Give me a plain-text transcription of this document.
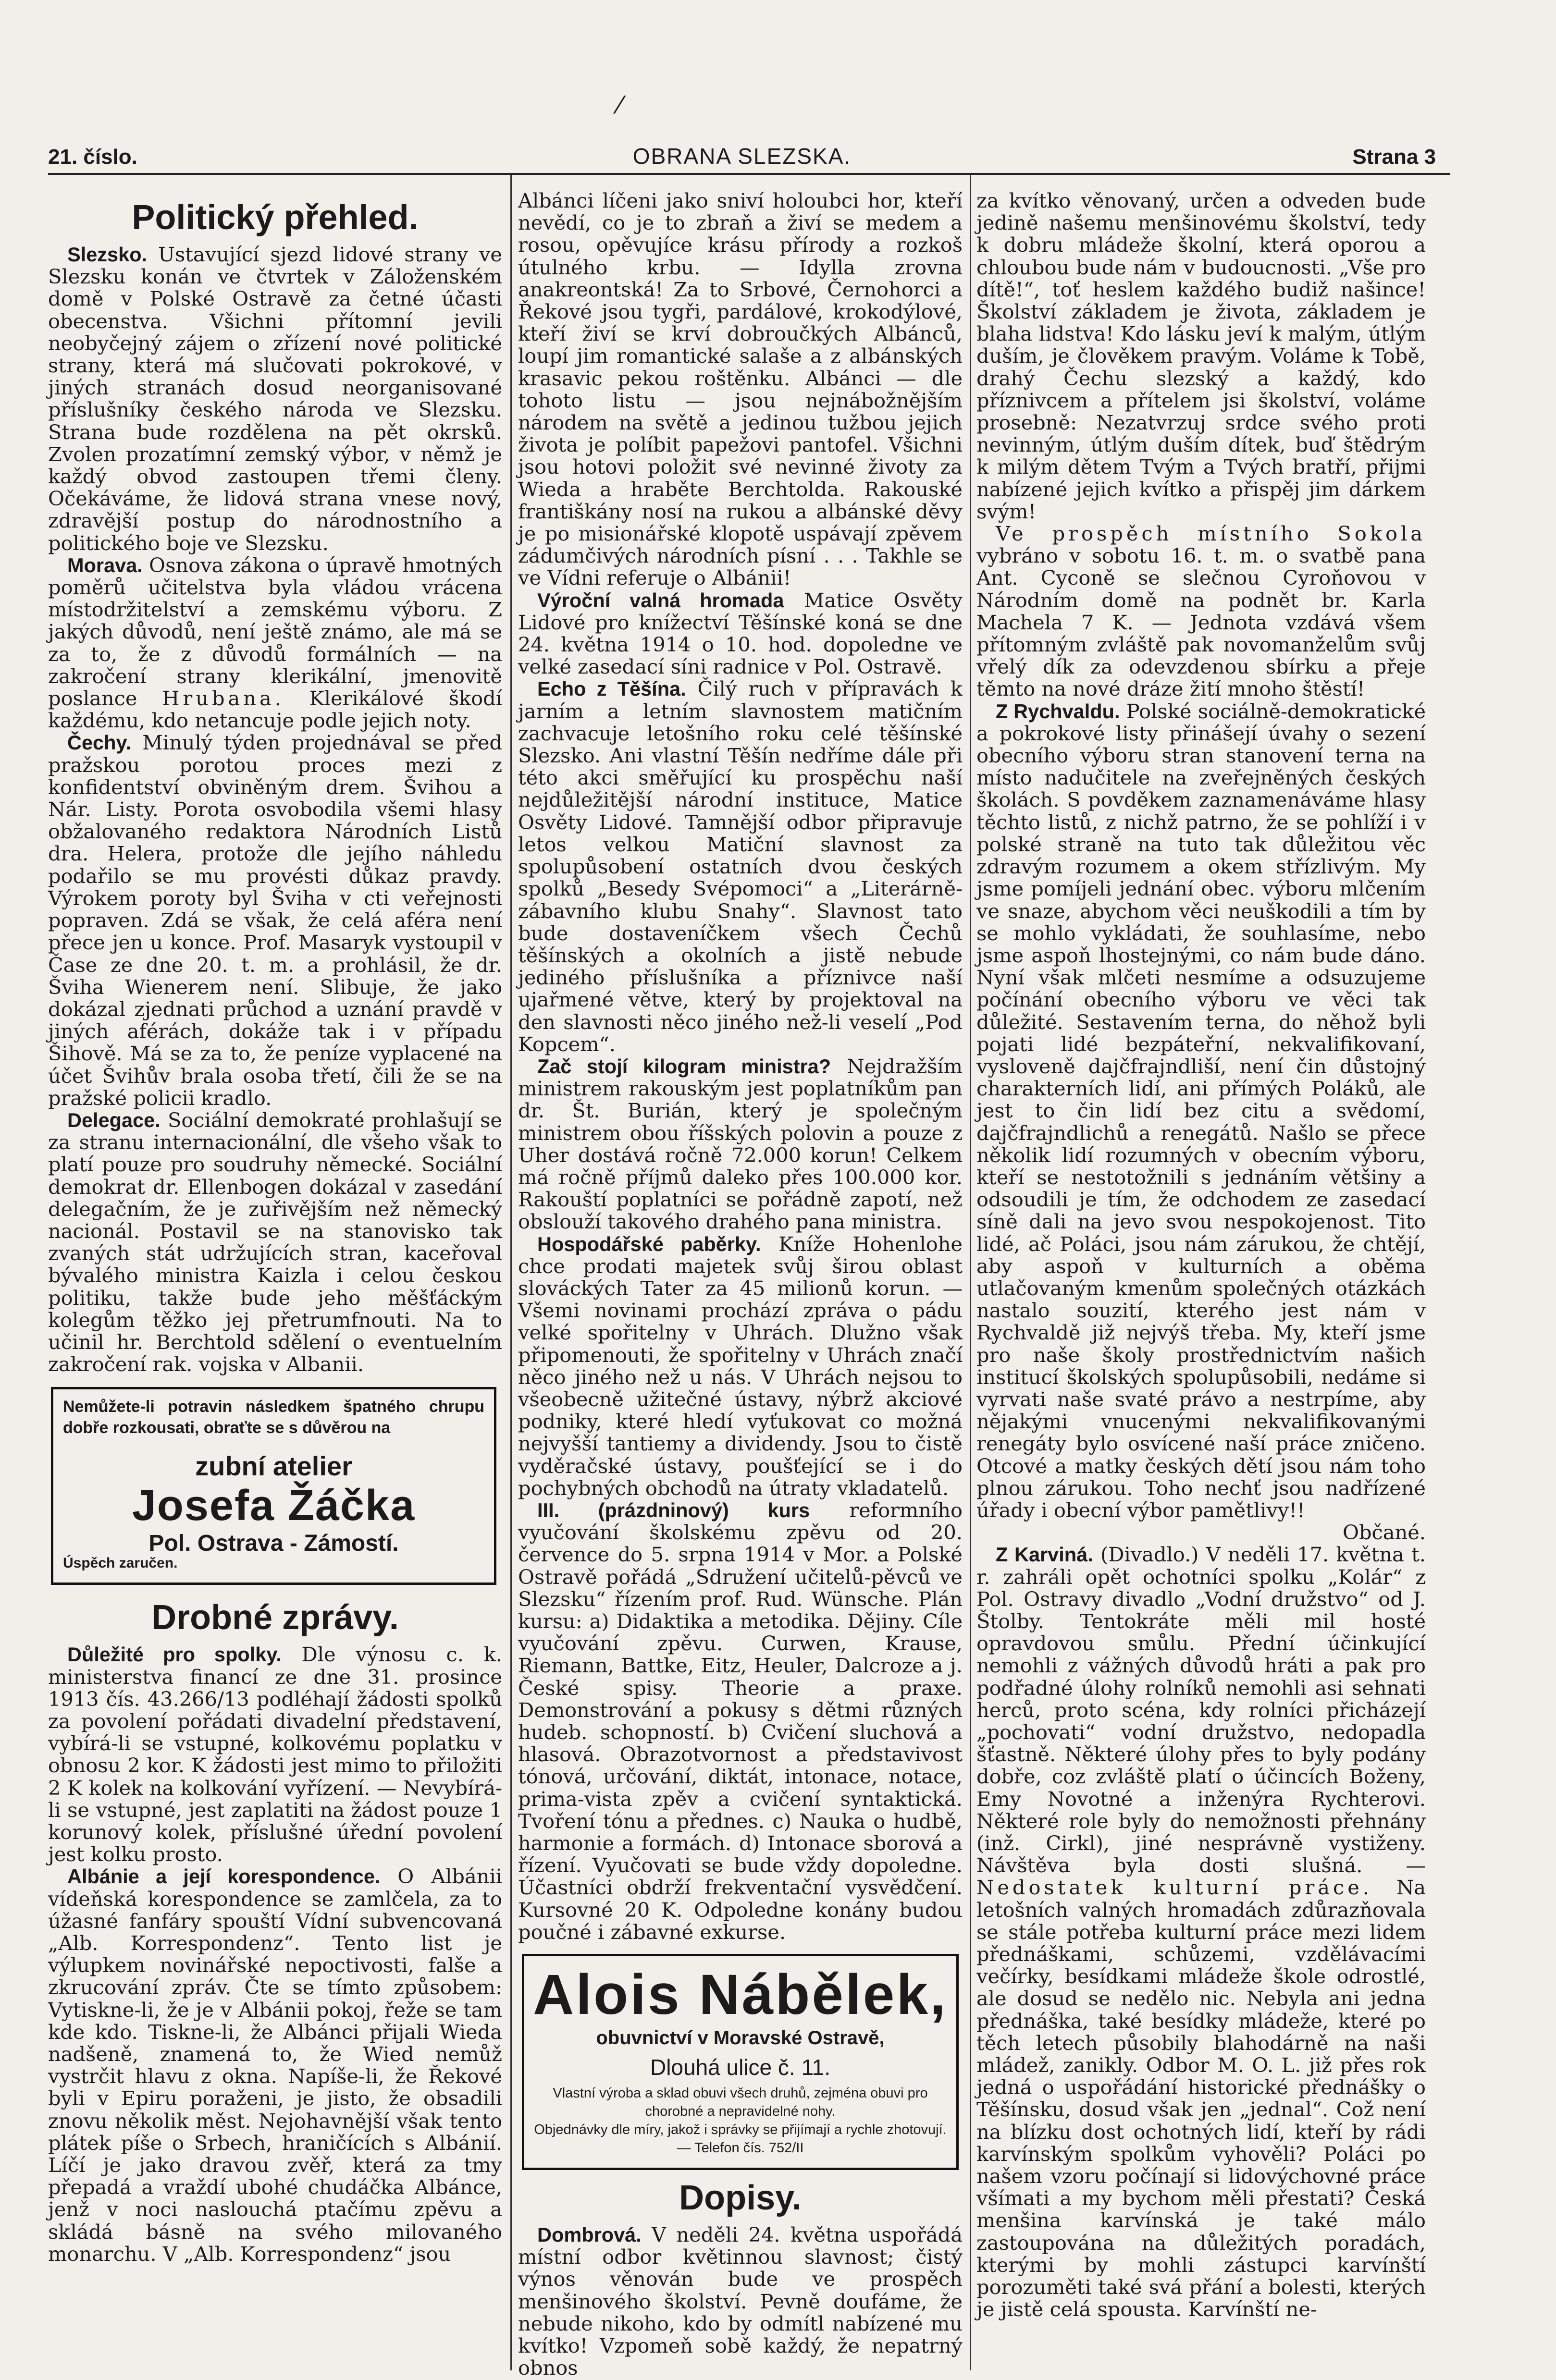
⁄
21. číslo.	OBRANA SLEZSKA.	Strana 3
Politický přehled.

Slezsko. Ustavující sjezd lidové strany ve Slezsku konán ve čtvrtek v Záloženském domě v Polské Ostravě za četné účasti obecenstva. Všichni přítomní jevili neobyčejný zájem o zřízení nové politické strany, která má slučovati pokrokové, v jiných stranách dosud neorganisované příslušníky českého národa ve Slezsku. Strana bude rozdělena na pět okrsků. Zvolen prozatímní zemský výbor, v němž je každý obvod zastoupen třemi členy. Očekáváme, že lidová strana vnese nový, zdravější postup do národnostního a politického boje ve Slezsku.

Morava. Osnova zákona o úpravě hmotných poměrů učitelstva byla vládou vrácena místodržitelství a zemskému výboru. Z jakých důvodů, není ještě známo, ale má se za to, že z důvodů formálních — na zakročení strany klerikální, jmenovitě poslance Hrubana. Klerikálové škodí každému, kdo netancuje podle jejich noty.

Čechy. Minulý týden projednával se před pražskou porotou proces mezi z konfidentství obviněným drem. Švihou a Nár. Listy. Porota osvobodila všemi hlasy obžalovaného redaktora Národních Listů dra. Helera, protože dle jejího náhledu podařilo se mu provésti důkaz pravdy. Výrokem poroty byl Šviha v cti veřejnosti popraven. Zdá se však, že celá aféra není přece jen u konce. Prof. Masaryk vystoupil v Čase ze dne 20. t. m. a prohlásil, že dr. Šviha Wienerem není. Slibuje, že jako dokázal zjednati průchod a uznání pravdě v jiných aférách, dokáže tak i v případu Šihově. Má se za to, že peníze vyplacené na účet Švihův brala osoba třetí, čili že se na pražské policii kradlo.

Delegace. Sociální demokraté prohlašují se za stranu internacionální, dle všeho však to platí pouze pro soudruhy německé. Sociální demokrat dr. Ellenbogen dokázal v zasedání delegačním, že je zuřivějším než německý nacionál. Postavil se na stanovisko tak zvaných stát udržujících stran, kaceřoval bývalého ministra Kaizla i celou českou politiku, takže bude jeho měšťáckým kolegům těžko jej přetrumfnouti. Na to učinil hr. Berchtold sdělení o eventuelním zakročení rak. vojska v Albanii.

Nemůžete-li potravin následkem špatného chrupu dobře rozkousati, obraťte se s důvěrou na
zubní atelier
Josefa Žáčka
Pol. Ostrava - Zámostí.
Úspěch zaručen.
Drobné zprávy.

Důležité pro spolky. Dle výnosu c. k. ministerstva financí ze dne 31. prosince 1913 čís. 43.266/13 podléhají žádosti spolků za povolení pořádati divadelní představení, vybírá-li se vstupné, kolkovému poplatku v obnosu 2 kor. K žádosti jest mimo to přiložiti 2 K kolek na kolkování vyřízení. — Nevybírá-li se vstupné, jest zaplatiti na žádost pouze 1 korunový kolek, příslušné úřední povolení jest kolku prosto.

Albánie a její korespondence. O Albánii vídeňská korespondence se zamlčela, za to úžasné fanfáry spouští Vídní subvencovaná „Alb. Korrespondenz“. Tento list je výlupkem novinářské nepoctivosti, falše a zkrucování zpráv. Čte se tímto způsobem: Vytiskne-li, že je v Albánii pokoj, řeže se tam kde kdo. Tiskne-li, že Albánci přijali Wieda nadšeně, znamená to, že Wied nemůž vystrčit hlavu z okna. Napíše-li, že Řekové byli v Epiru poraženi, je jisto, že obsadili znovu několik měst. Nejohavnější však tento plátek píše o Srbech, hraničících s Albánií. Líčí je jako dravou zvěř, která za tmy přepadá a vraždí ubohé chudáčka Albánce, jenž v noci naslouchá ptačímu zpěvu a skládá básně na svého milovaného monarchu. V „Alb. Korrespondenz“ jsou

Albánci líčeni jako sniví holoubci hor, kteří nevědí, co je to zbraň a živí se medem a rosou, opěvujíce krásu přírody a rozkoš útulného krbu. — Idylla zrovna anakreontská! Za to Srbové, Černohorci a Řekové jsou tygři, pardálové, krokodýlové, kteří živí se krví dobroučkých Albánců, loupí jim romantické salaše a z albánských krasavic pekou roštěnku. Albánci — dle tohoto listu — jsou nejnábožnějším národem na světě a jedinou tužbou jejich života je políbit papežovi pantofel. Všichni jsou hotovi položit své nevinné životy za Wieda a hraběte Berchtolda. Rakouské františkány nosí na rukou a albánské děvy je po misionářské klopotě uspávají zpěvem zádumčivých národních písní . . . Takhle se ve Vídni referuje o Albánii!

Výroční valná hromada Matice Osvěty Lidové pro knížectví Těšínské koná se dne 24. května 1914 o 10. hod. dopoledne ve velké zasedací síni radnice v Pol. Ostravě.

Echo z Těšína. Čilý ruch v přípravách k jarním a letním slavnostem matičním zachvacuje letošního roku celé těšínské Slezsko. Ani vlastní Těšín nedříme dále při této akci směřující ku prospěchu naší nejdůležitější národní instituce, Matice Osvěty Lidové. Tamnější odbor připravuje letos velkou Matiční slavnost za spolupůsobení ostatních dvou českých spolků „Besedy Svépomoci“ a „Literárně-zábavního klubu Snahy“. Slavnost tato bude dostaveníčkem všech Čechů těšínských a okolních a jistě nebude jediného příslušníka a příznivce naší ujařmené větve, který by projektoval na den slavnosti něco jiného než-li veselí „Pod Kopcem“.

Zač stojí kilogram ministra? Nejdražším ministrem rakouským jest poplatníkům pan dr. Št. Burián, který je společným ministrem obou říšských polovin a pouze z Uher dostává ročně 72.000 korun! Celkem má ročně příjmů daleko přes 100.000 kor. Rakouští poplatníci se pořádně zapotí, než obslouží takového drahého pana ministra.

Hospodářské paběrky. Kníže Hohenlohe chce prodati majetek svůj širou oblast slováckých Tater za 45 milionů korun. — Všemi novinami prochází zpráva o pádu velké spořitelny v Uhrách. Dlužno však připomenouti, že spořitelny v Uhrách značí něco jiného než u nás. V Uhrách nejsou to všeobecně užitečné ústavy, nýbrž akciové podniky, které hledí vyťukovat co možná nejvyšší tantiemy a dividendy. Jsou to čistě vyděračské ústavy, poušťející se i do pochybných obchodů na útraty vkladatelů.

III. (prázdninový) kurs reformního vyučování školskému zpěvu od 20. července do 5. srpna 1914 v Mor. a Polské Ostravě pořádá „Sdružení učitelů-pěvců ve Slezsku“ řízením prof. Rud. Wünsche. Plán kursu: a) Didaktika a metodika. Dějiny. Cíle vyučování zpěvu. Curwen, Krause, Riemann, Battke, Eitz, Heuler, Dalcroze a j. České spisy. Theorie a praxe. Demonstrování a pokusy s dětmi různých hudeb. schopností. b) Cvičení sluchová a hlasová. Obrazotvornost a představivost tónová, určování, diktát, intonace, notace, prima-vista zpěv a cvičení syntaktická. Tvoření tónu a přednes. c) Nauka o hudbě, harmonie a formách. d) Intonace sborová a řízení. Vyučovati se bude vždy dopoledne. Účastníci obdrží frekventační vysvědčení. Kursovné 20 K. Odpoledne konány budou poučné i zábavné exkurse.

Alois Nábělek,
obuvnictví v Moravské Ostravě,
Dlouhá ulice č. 11.
Vlastní výroba a sklad obuvi všech druhů, zejména obuvi pro chorobné a nepravidelné nohy.
Objednávky dle míry, jakož i správky se přijímají a rychle zhotovují. — Telefon čís. 752/II
Dopisy.

Dombrová. V neděli 24. května uspořádá místní odbor květinnou slavnost; čistý výnos věnován bude ve prospěch menšinového školství. Pevně doufáme, že nebude nikoho, kdo by odmítl nabízené mu kvítko! Vzpomeň sobě každý, že nepatrný obnos

za kvítko věnovaný, určen a odveden bude jedině našemu menšinovému školství, tedy k dobru mládeže školní, která oporou a chloubou bude nám v budoucnosti. „Vše pro dítě!“, toť heslem každého budiž našince! Školství základem je života, základem je blaha lidstva! Kdo lásku jeví k malým, útlým duším, je člověkem pravým. Voláme k Tobě, drahý Čechu slezský a každý, kdo příznivcem a přítelem jsi školství, voláme prosebně: Nezatvrzuj srdce svého proti nevinným, útlým duším dítek, buď štědrým k milým dětem Tvým a Tvých bratří, přijmi nabízené jejich kvítko a přispěj jim dárkem svým!

Ve prospěch místního Sokola vybráno v sobotu 16. t. m. o svatbě pana Ant. Cyconě se slečnou Cyroňovou v Národním domě na podnět br. Karla Machela 7 K. — Jednota vzdává všem přítomným zvláště pak novomanželům svůj vřelý dík za odevzdenou sbírku a přeje těmto na nové dráze žití mnoho štěstí!

Z Rychvaldu. Polské sociálně-demokratické a pokrokové listy přinášejí úvahy o sezení obecního výboru stran stanovení terna na místo nadučitele na zveřejněných českých školách. S povděkem zaznamenáváme hlasy těchto listů, z nichž patrno, že se pohlíží i v polské straně na tuto tak důležitou věc zdravým rozumem a okem střízlivým. My jsme pomíjeli jednání obec. výboru mlčením ve snaze, abychom věci neuškodili a tím by se mohlo vykládati, že souhlasíme, nebo jsme aspoň lhostejnými, co nám bude dáno. Nyní však mlčeti nesmíme a odsuzujeme počínání obecního výboru ve věci tak důležité. Sestavením terna, do něhož byli pojati lidé bezpáteřní, nekvalifikovaní, vysloveně dajčfrajndliší, není čin důstojný charakterních lidí, ani přímých Poláků, ale jest to čin lidí bez citu a svědomí, dajčfrajndlichů a renegátů. Našlo se přece několik lidí rozumných v obecním výboru, kteří se nestotožnili s jednáním většiny a odsoudili je tím, že odchodem ze zasedací síně dali na jevo svou nespokojenost. Tito lidé, ač Poláci, jsou nám zárukou, že chtějí, aby aspoň v kulturních a oběma utlačovaným kmenům společných otázkách nastalo souzití, kterého jest nám v Rychvaldě již nejvýš třeba. My, kteří jsme pro naše školy prostřednictvím našich institucí školských spolupůsobili, nedáme si vyrvati naše svaté právo a nestrpíme, aby nějakými vnucenými nekvalifikovanými renegáty bylo osvícené naší práce zničeno. Otcové a matky českých dětí jsou nám toho plnou zárukou. Toho nechť jsou nadřízené úřady i obecní výbor pamětlivy!!

Občané.

Z Karviná. (Divadlo.) V neděli 17. května t. r. zahráli opět ochotníci spolku „Kolár“ z Pol. Ostravy divadlo „Vodní družstvo“ od J. Štolby. Tentokráte měli mil hosté opravdovou smůlu. Přední účinkující nemohli z vážných důvodů hráti a pak pro podřadné úlohy rolníků nemohli asi sehnati herců, proto scéna, kdy rolníci přicházejí „pochovati“ vodní družstvo, nedopadla šťastně. Některé úlohy přes to byly podány dobře, coz zvláště platí o účincích Boženy, Emy Novotné a inženýra Rychterovi. Některé role byly do nemožnosti přehnány (inž. Cirkl), jiné nesprávně vystiženy. Návštěva byla dosti slušná. — Nedostatek kulturní práce. Na letošních valných hromadách zdůrazňovala se stále potřeba kulturní práce mezi lidem přednáškami, schůzemi, vzdělávacími večírky, besídkami mládeže škole odrostlé, ale dosud se nedělo nic. Nebyla ani jedna přednáška, také besídky mládeže, které po těch letech působily blahodárně na naši mládež, zanikly. Odbor M. O. L. již přes rok jedná o uspořádání historické přednášky o Těšínsku, dosud však jen „jednal“. Což není na blízku dost ochotných lidí, kteří by rádi karvínským spolkům vyhověli? Poláci po našem vzoru počínají si lidovýchovné práce všímati a my bychom měli přestati? Česká menšina karvínská je také málo zastoupována na důležitých poradách, kterými by mohli zástupci karvínští porozuměti také svá přání a bolesti, kterých je jistě celá spousta. Karvínští ne-
